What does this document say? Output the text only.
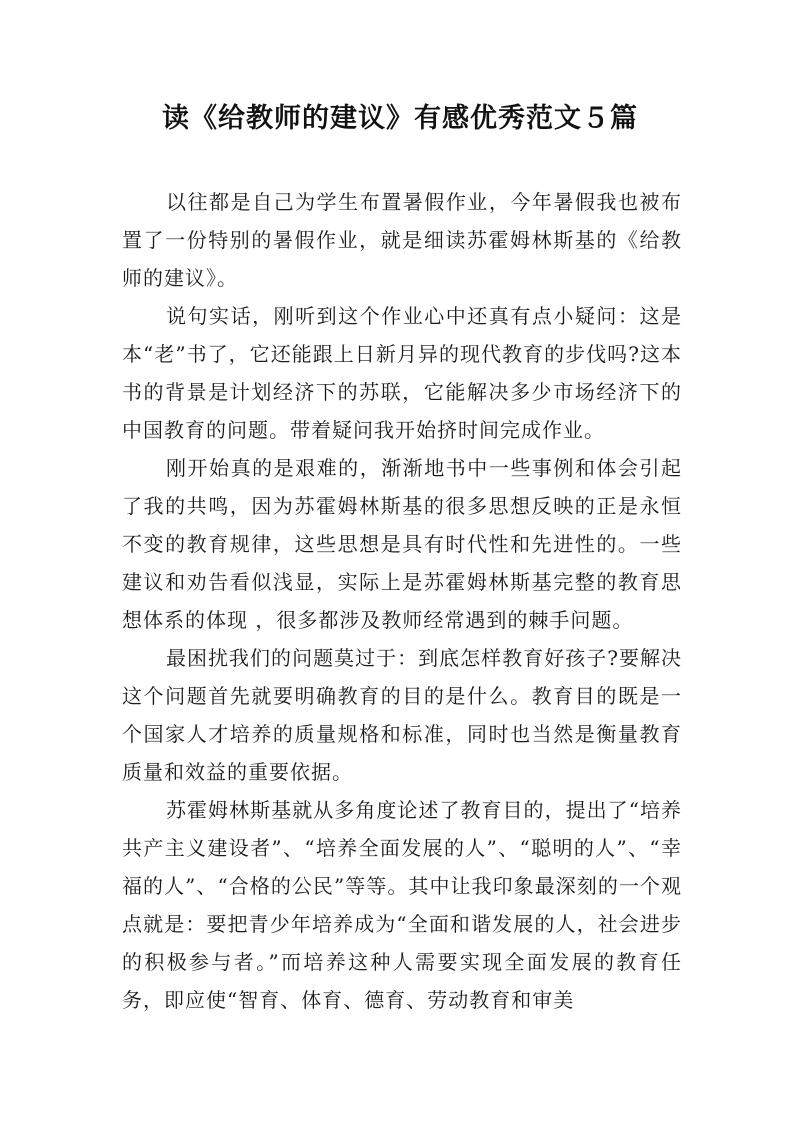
读《给教师的建议》有感优秀范文５篇

以往都是自己为学生布置暑假作业，今年暑假我也被布置了一份特别的暑假作业，就是细读苏霍姆林斯基的《给教师的建议》。

说句实话，刚听到这个作业心中还真有点小疑问：这是本“老”书了，它还能跟上日新月异的现代教育的步伐吗?这本书的背景是计划经济下的苏联，它能解决多少市场经济下的中国教育的问题。带着疑问我开始挤时间完成作业。

刚开始真的是艰难的，渐渐地书中一些事例和体会引起了我的共鸣，因为苏霍姆林斯基的很多思想反映的正是永恒不变的教育规律，这些思想是具有时代性和先进性的。一些建议和劝告看似浅显，实际上是苏霍姆林斯基完整的教育思想体系的体现 ，很多都涉及教师经常遇到的棘手问题。

最困扰我们的问题莫过于：到底怎样教育好孩子?要解决这个问题首先就要明确教育的目的是什么。教育目的既是一个国家人才培养的质量规格和标准，同时也当然是衡量教育质量和效益的重要依据。

苏霍姆林斯基就从多角度论述了教育目的，提出了“培养共产主义建设者”、“培养全面发展的人”、“聪明的人”、“幸福的人”、“合格的公民”等等。其中让我印象最深刻的一个观点就是：要把青少年培养成为“全面和谐发展的人，社会进步的积极参与者。”而培养这种人需要实现全面发展的教育任务，即应使“智育、体育、德育、劳动教育和审美
